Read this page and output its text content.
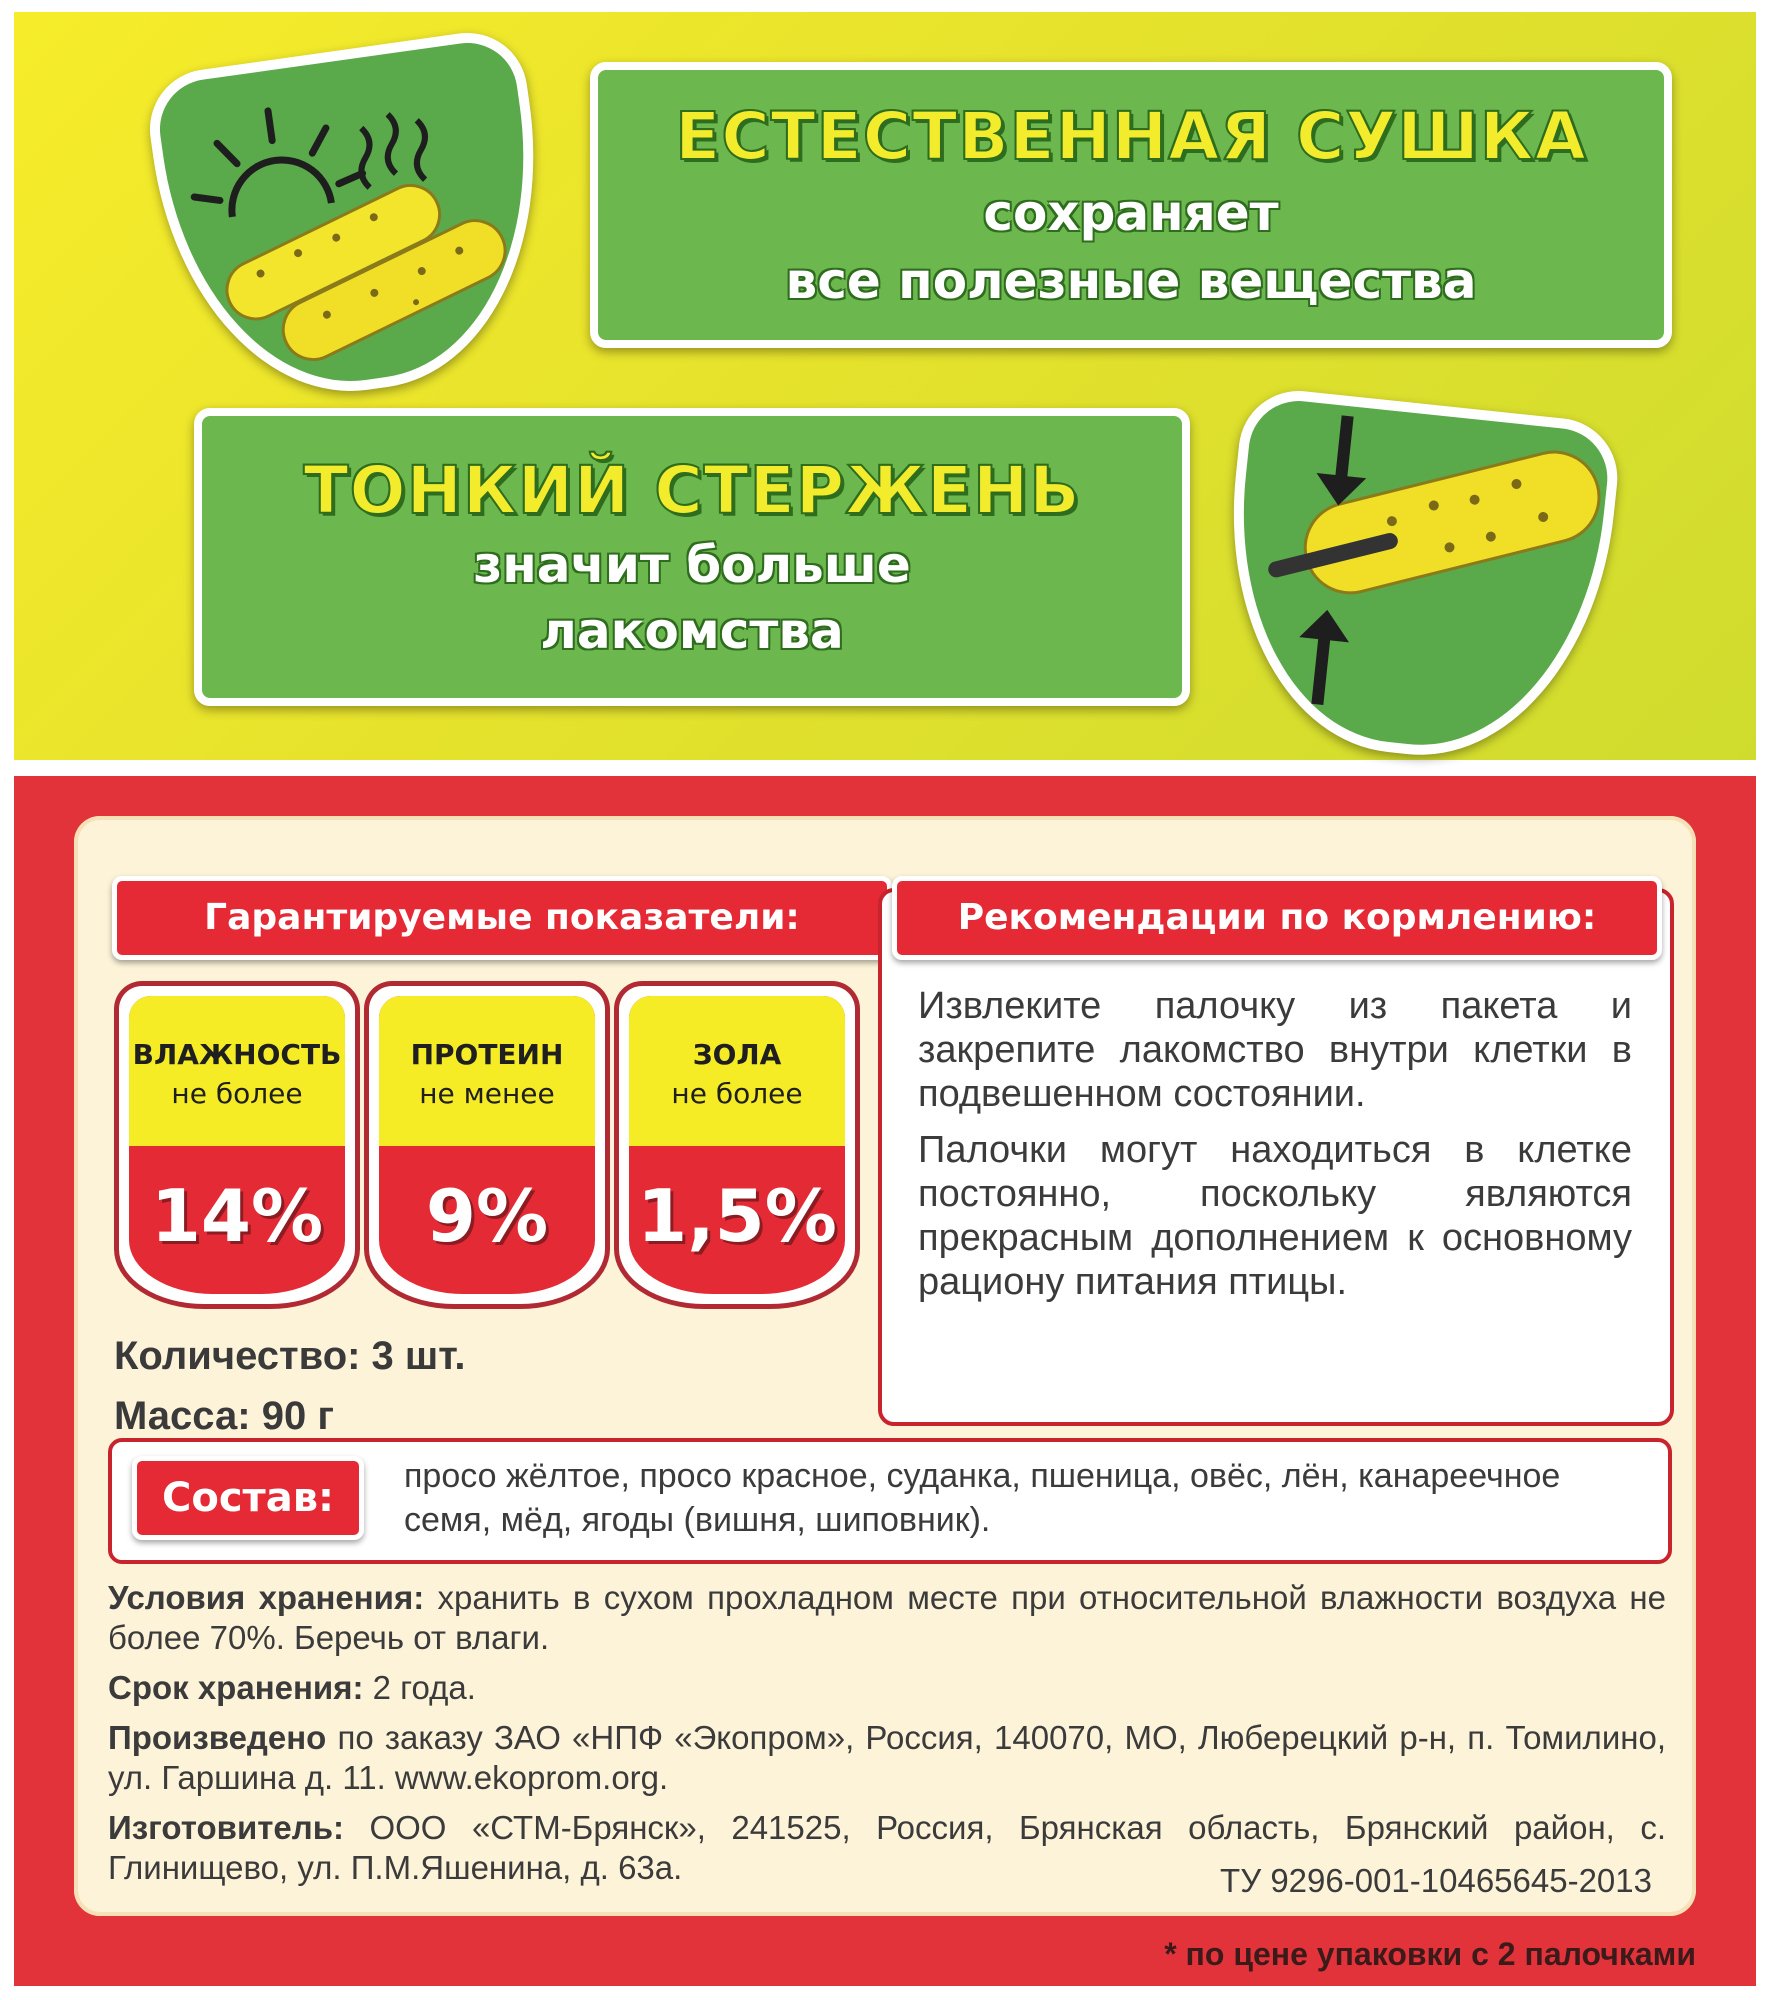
ЕСТЕСТВЕННАЯ СУШКА
сохраняет
все полезные вещества
ТОНКИЙ СТЕРЖЕНЬ
значит больше
лакомства
Гарантируемые показатели:

Извлеките палочку из пакета и закрепите лакомство внутри клетки в подвешенном состоянии.

Палочки могут находиться в клетке постоянно, поскольку являются прекрасным дополнением к основному рациону питания птицы.

Рекомендации по кормлению:
ВЛАЖНОСТЬ
не более
14%
ПРОТЕИН
не менее
9%
ЗОЛА
не более
1,5%
Количество: 3 шт.
Масса: 90 г
Состав:	просо жёлтое, просо красное, суданка, пшеница, овёс, лён, канареечное семя, мёд, ягоды (вишня, шиповник).

Условия хранения: хранить в сухом прохладном месте при относительной влажности воздуха не более 70%. Беречь от влаги.

Срок хранения: 2 года.

Произведено по заказу ЗАО «НПФ «Экопром», Россия, 140070, МО, Люберецкий р-н, п. Томилино, ул. Гаршина д. 11. www.ekoprom.org.

Изготовитель: ООО «СТМ-Брянск», 241525, Россия, Брянская область, Брянский район, с. Глинищево, ул. П.М.Яшенина, д. 63а.	ТУ 9296-001-10465645-2013
* по цене упаковки с 2 палочками
